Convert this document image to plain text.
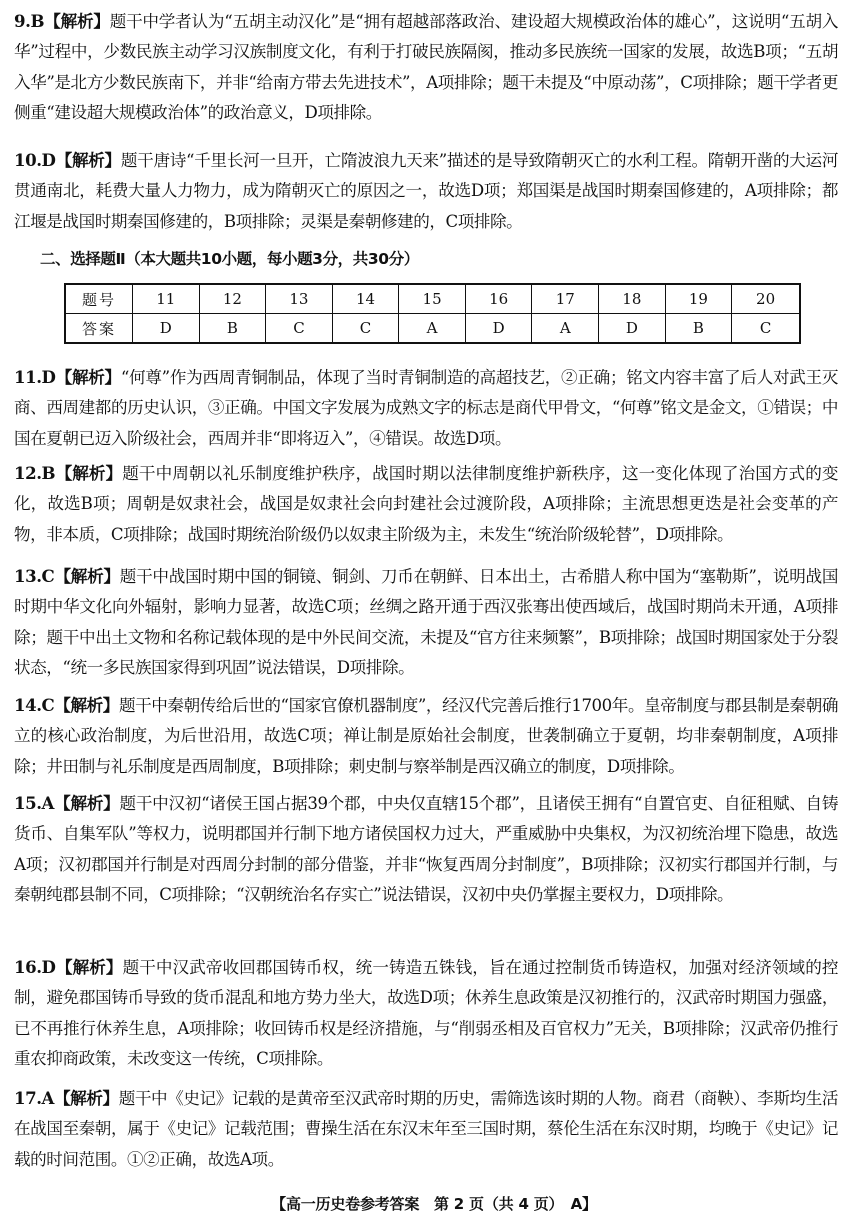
9.B【解析】题干中学者认为“五胡主动汉化”是“拥有超越部落政治、建设超大规模政治体的雄心”，这说明“五胡入华”过程中，少数民族主动学习汉族制度文化，有利于打破民族隔阂，推动多民族统一国家的发展，故选B项；“五胡入华”是北方少数民族南下，并非“给南方带去先进技术”，A项排除；题干未提及“中原动荡”，C项排除；题干学者更侧重“建设超大规模政治体”的政治意义，D项排除。
10.D【解析】题干唐诗“千里长河一旦开，亡隋波浪九天来”描述的是导致隋朝灭亡的水利工程。隋朝开凿的大运河贯通南北，耗费大量人力物力，成为隋朝灭亡的原因之一，故选D项；郑国渠是战国时期秦国修建的，A项排除；都江堰是战国时期秦国修建的，B项排除；灵渠是秦朝修建的，C项排除。
二、选择题Ⅱ（本大题共10小题，每小题3分，共30分）
题号	11	12	13	14	15	16	17	18	19	20
答案	D	B	C	C	A	D	A	D	B	C
11.D【解析】“何尊”作为西周青铜制品，体现了当时青铜制造的高超技艺，②正确；铭文内容丰富了后人对武王灭商、西周建都的历史认识，③正确。中国文字发展为成熟文字的标志是商代甲骨文，“何尊”铭文是金文，①错误；中国在夏朝已迈入阶级社会，西周并非“即将迈入”，④错误。故选D项。
12.B【解析】题干中周朝以礼乐制度维护秩序，战国时期以法律制度维护新秩序，这一变化体现了治国方式的变化，故选B项；周朝是奴隶社会，战国是奴隶社会向封建社会过渡阶段，A项排除；主流思想更迭是社会变革的产物，非本质，C项排除；战国时期统治阶级仍以奴隶主阶级为主，未发生“统治阶级轮替”，D项排除。
13.C【解析】题干中战国时期中国的铜镜、铜剑、刀币在朝鲜、日本出土，古希腊人称中国为“塞勒斯”，说明战国时期中华文化向外辐射，影响力显著，故选C项；丝绸之路开通于西汉张骞出使西域后，战国时期尚未开通，A项排除；题干中出土文物和名称记载体现的是中外民间交流，未提及“官方往来频繁”，B项排除；战国时期国家处于分裂状态，“统一多民族国家得到巩固”说法错误，D项排除。
14.C【解析】题干中秦朝传给后世的“国家官僚机器制度”，经汉代完善后推行1700年。皇帝制度与郡县制是秦朝确立的核心政治制度，为后世沿用，故选C项；禅让制是原始社会制度，世袭制确立于夏朝，均非秦朝制度，A项排除；井田制与礼乐制度是西周制度，B项排除；刺史制与察举制是西汉确立的制度，D项排除。
15.A【解析】题干中汉初“诸侯王国占据39个郡，中央仅直辖15个郡”，且诸侯王拥有“自置官吏、自征租赋、自铸货币、自集军队”等权力，说明郡国并行制下地方诸侯国权力过大，严重威胁中央集权，为汉初统治埋下隐患，故选A项；汉初郡国并行制是对西周分封制的部分借鉴，并非“恢复西周分封制度”，B项排除；汉初实行郡国并行制，与秦朝纯郡县制不同，C项排除；“汉朝统治名存实亡”说法错误，汉初中央仍掌握主要权力，D项排除。
16.D【解析】题干中汉武帝收回郡国铸币权，统一铸造五铢钱，旨在通过控制货币铸造权，加强对经济领域的控制，避免郡国铸币导致的货币混乱和地方势力坐大，故选D项；休养生息政策是汉初推行的，汉武帝时期国力强盛，已不再推行休养生息，A项排除；收回铸币权是经济措施，与“削弱丞相及百官权力”无关，B项排除；汉武帝仍推行重农抑商政策，未改变这一传统，C项排除。
17.A【解析】题干中《史记》记载的是黄帝至汉武帝时期的历史，需筛选该时期的人物。商君（商鞅）、李斯均生活在战国至秦朝，属于《史记》记载范围；曹操生活在东汉末年至三国时期，蔡伦生活在东汉时期，均晚于《史记》记载的时间范围。①②正确，故选A项。
【高一历史卷参考答案　第 2 页（共 4 页）　A】
